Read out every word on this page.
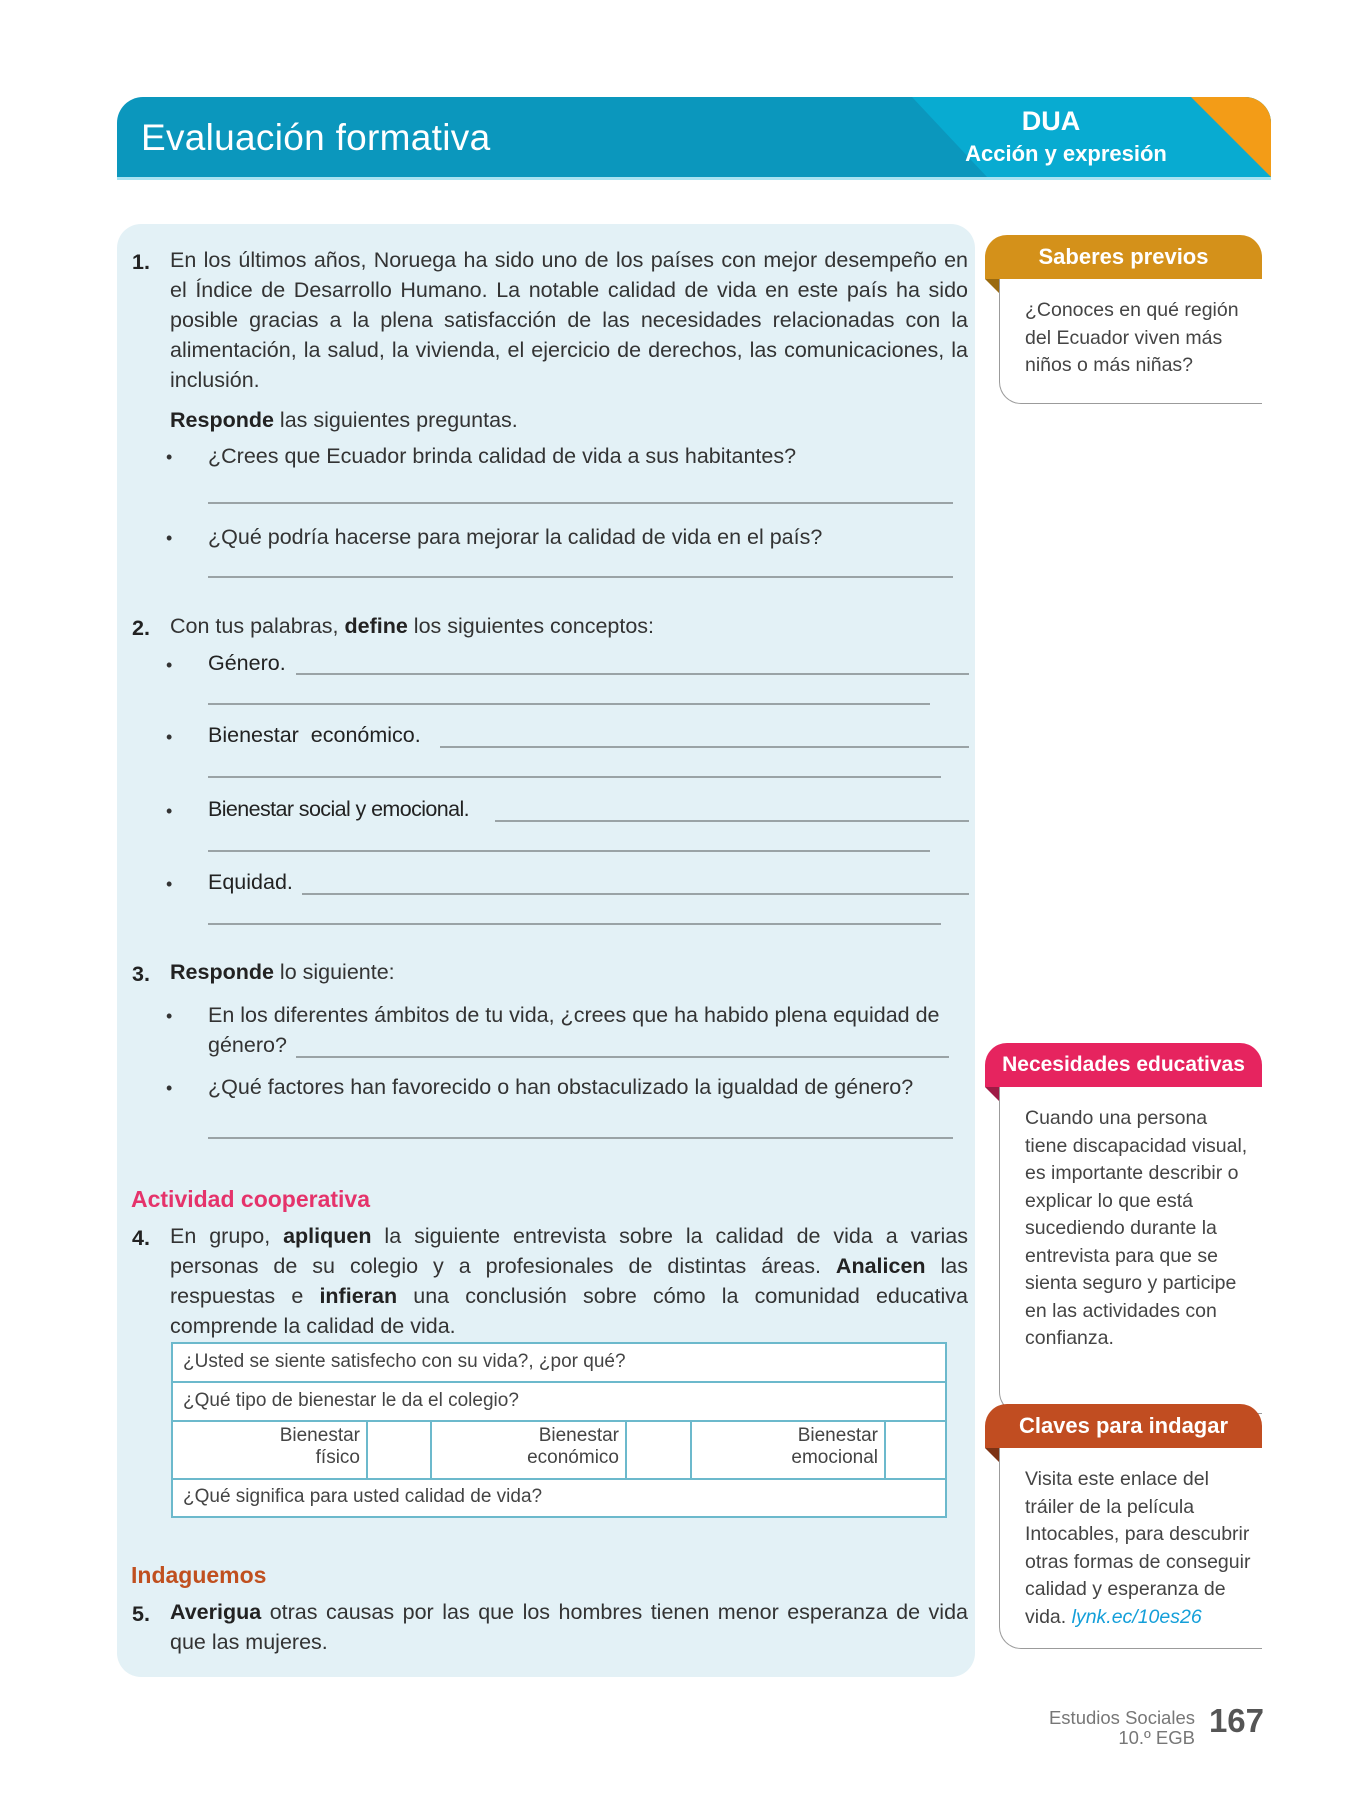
Evaluación formativa	DUA
Acción y expresión
1. En los últimos años, Noruega ha sido uno de los países con mejor desempeño en el Índice de Desarrollo Humano. La notable calidad de vida en este país ha sido posible gracias a la plena satisfacción de las necesidades relacionadas con la alimentación, la salud, la vivienda, el ejercicio de derechos, las comunicaciones, la inclusión.
Responde las siguientes preguntas.
• ¿Crees que Ecuador brinda calidad de vida a sus habitantes?
• ¿Qué podría hacerse para mejorar la calidad de vida en el país?
2. Con tus palabras, define los siguientes conceptos:
• Género.
• Bienestar  económico.
• Bienestar social y emocional.
• Equidad.
3. Responde lo siguiente:
• En los diferentes ámbitos de tu vida, ¿crees que ha habido plena equidad de
género?
• ¿Qué factores han favorecido o han obstaculizado la igualdad de género?
Actividad cooperativa
4. En grupo, apliquen la siguiente entrevista sobre la calidad de vida a varias personas de su colegio y a profesionales de distintas áreas. Analicen las respuestas e infieran una conclusión sobre cómo la comunidad educativa comprende la calidad de vida.
¿Usted se siente satisfecho con su vida?, ¿por qué?
¿Qué tipo de bienestar le da el colegio?
Bienestar
físico
Bienestar
económico
Bienestar
emocional
¿Qué significa para usted calidad de vida?
Indaguemos
5. Averigua otras causas por las que los hombres tienen menor esperanza de vida que las mujeres.
Saberes previos
¿Conoces en qué región del Ecuador viven más niños o más niñas?
Necesidades educativas
Cuando una persona tiene discapacidad visual, es importante describir o explicar lo que está sucediendo durante la entrevista para que se sienta seguro y participe en las actividades con confianza.
Claves para indagar
Visita este enlace del tráiler de la película Intocables, para descubrir otras formas de conseguir calidad y esperanza de vida. lynk.ec/10es26
Estudios Sociales
10.º EGB 167
